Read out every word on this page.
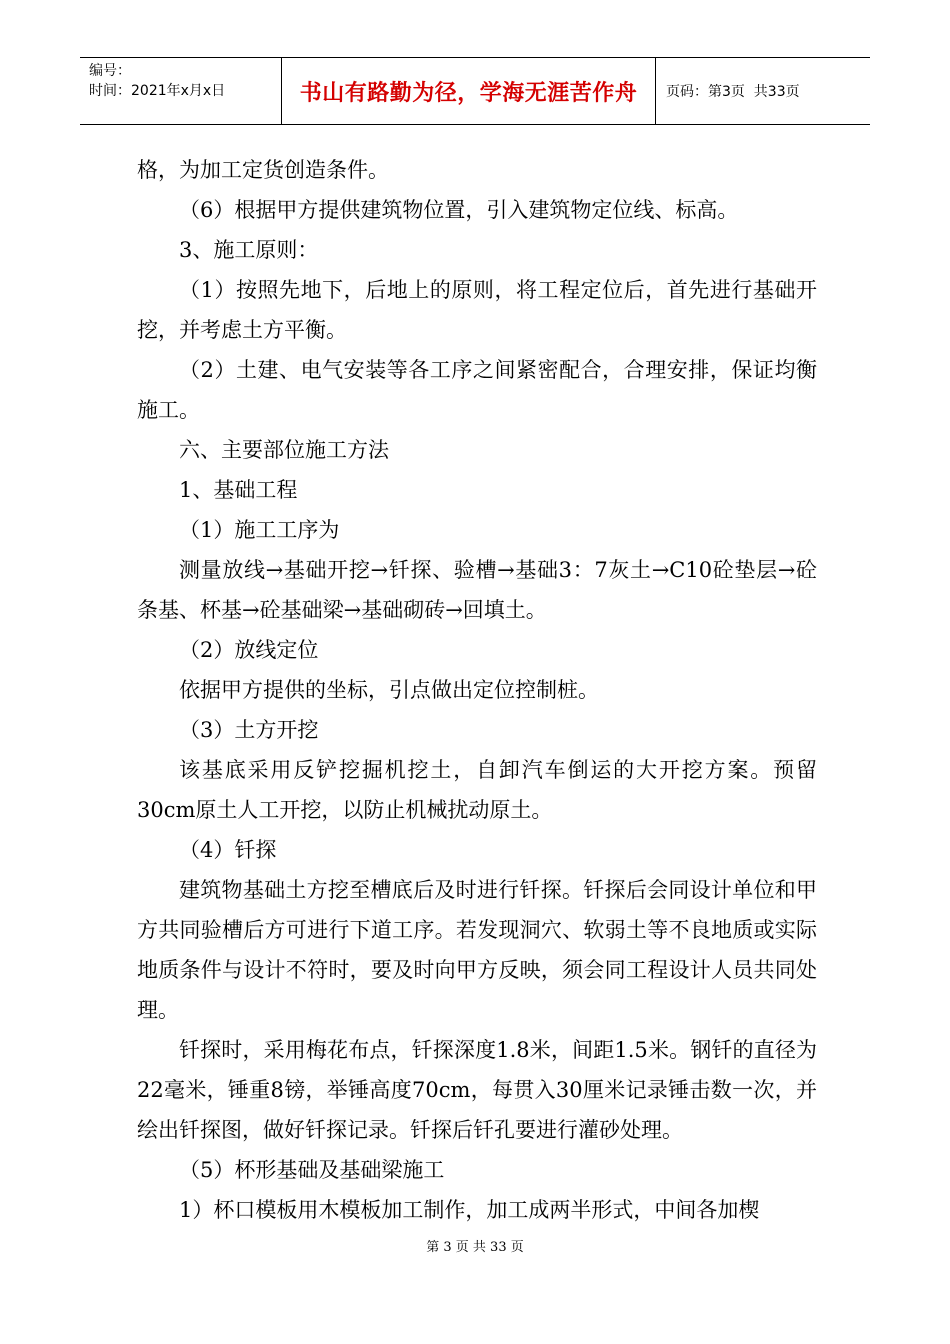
编号：
时间：2021年x月x日	书山有路勤为径，学海无涯苦作舟	页码：第3页  共33页

格，为加工定货创造条件。

（6）根据甲方提供建筑物位置，引入建筑物定位线、标高。

3、施工原则：

（1）按照先地下，后地上的原则，将工程定位后，首先进行基础开挖，并考虑土方平衡。

（2）土建、电气安装等各工序之间紧密配合，合理安排，保证均衡施工。

六、主要部位施工方法

1、基础工程

（1）施工工序为

测量放线→基础开挖→钎探、验槽→基础3：7灰土→C10砼垫层→砼条基、杯基→砼基础梁→基础砌砖→回填土。

（2）放线定位

依据甲方提供的坐标，引点做出定位控制桩。

（3）土方开挖

该基底采用反铲挖掘机挖土，自卸汽车倒运的大开挖方案。预留30cm原土人工开挖，以防止机械扰动原土。

（4）钎探

建筑物基础土方挖至槽底后及时进行钎探。钎探后会同设计单位和甲方共同验槽后方可进行下道工序。若发现洞穴、软弱土等不良地质或实际地质条件与设计不符时，要及时向甲方反映，须会同工程设计人员共同处理。

钎探时，采用梅花布点，钎探深度1.8米，间距1.5米。钢钎的直径为22毫米，锤重8镑，举锤高度70cm，每贯入30厘米记录锤击数一次，并绘出钎探图，做好钎探记录。钎探后钎孔要进行灌砂处理。

（5）杯形基础及基础梁施工

1）杯口模板用木模板加工制作，加工成两半形式，中间各加楔

第 3 页 共 33 页
